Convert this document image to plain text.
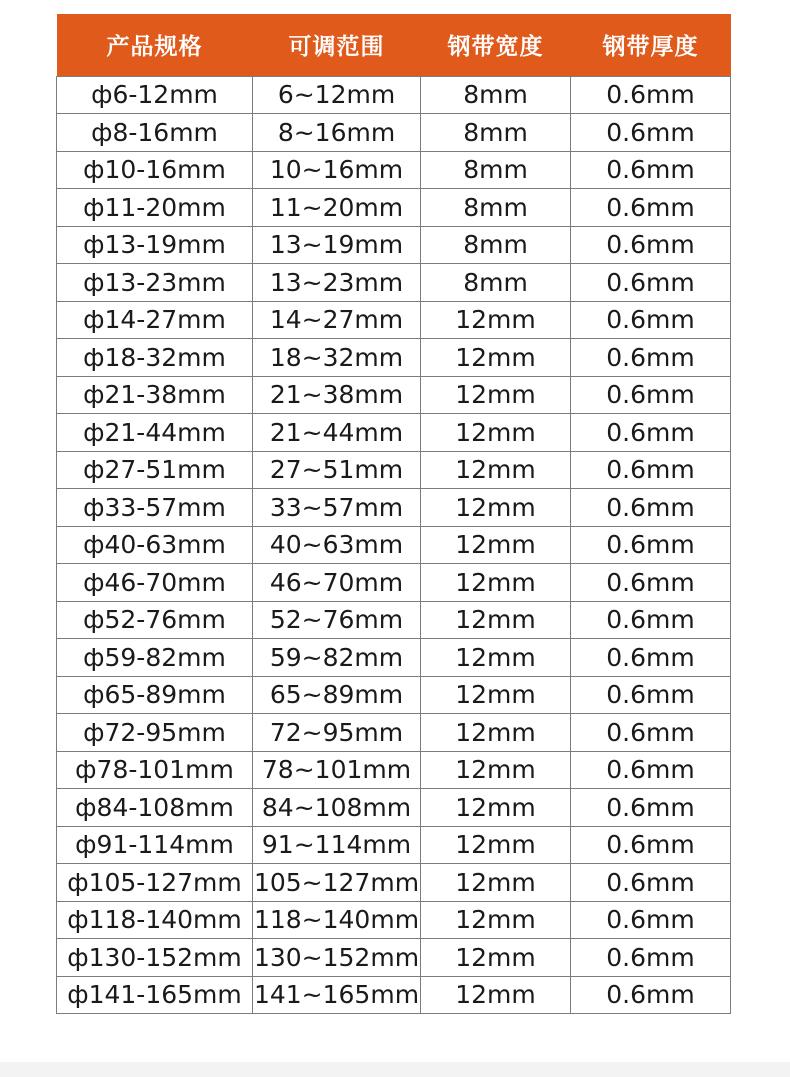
产品规格	可调范围	钢带宽度	钢带厚度
ф6-12mm	6~12mm	8mm	0.6mm
ф8-16mm	8~16mm	8mm	0.6mm
ф10-16mm	10~16mm	8mm	0.6mm
ф11-20mm	11~20mm	8mm	0.6mm
ф13-19mm	13~19mm	8mm	0.6mm
ф13-23mm	13~23mm	8mm	0.6mm
ф14-27mm	14~27mm	12mm	0.6mm
ф18-32mm	18~32mm	12mm	0.6mm
ф21-38mm	21~38mm	12mm	0.6mm
ф21-44mm	21~44mm	12mm	0.6mm
ф27-51mm	27~51mm	12mm	0.6mm
ф33-57mm	33~57mm	12mm	0.6mm
ф40-63mm	40~63mm	12mm	0.6mm
ф46-70mm	46~70mm	12mm	0.6mm
ф52-76mm	52~76mm	12mm	0.6mm
ф59-82mm	59~82mm	12mm	0.6mm
ф65-89mm	65~89mm	12mm	0.6mm
ф72-95mm	72~95mm	12mm	0.6mm
ф78-101mm	78~101mm	12mm	0.6mm
ф84-108mm	84~108mm	12mm	0.6mm
ф91-114mm	91~114mm	12mm	0.6mm
ф105-127mm	105~127mm	12mm	0.6mm
ф118-140mm	118~140mm	12mm	0.6mm
ф130-152mm	130~152mm	12mm	0.6mm
ф141-165mm	141~165mm	12mm	0.6mm
